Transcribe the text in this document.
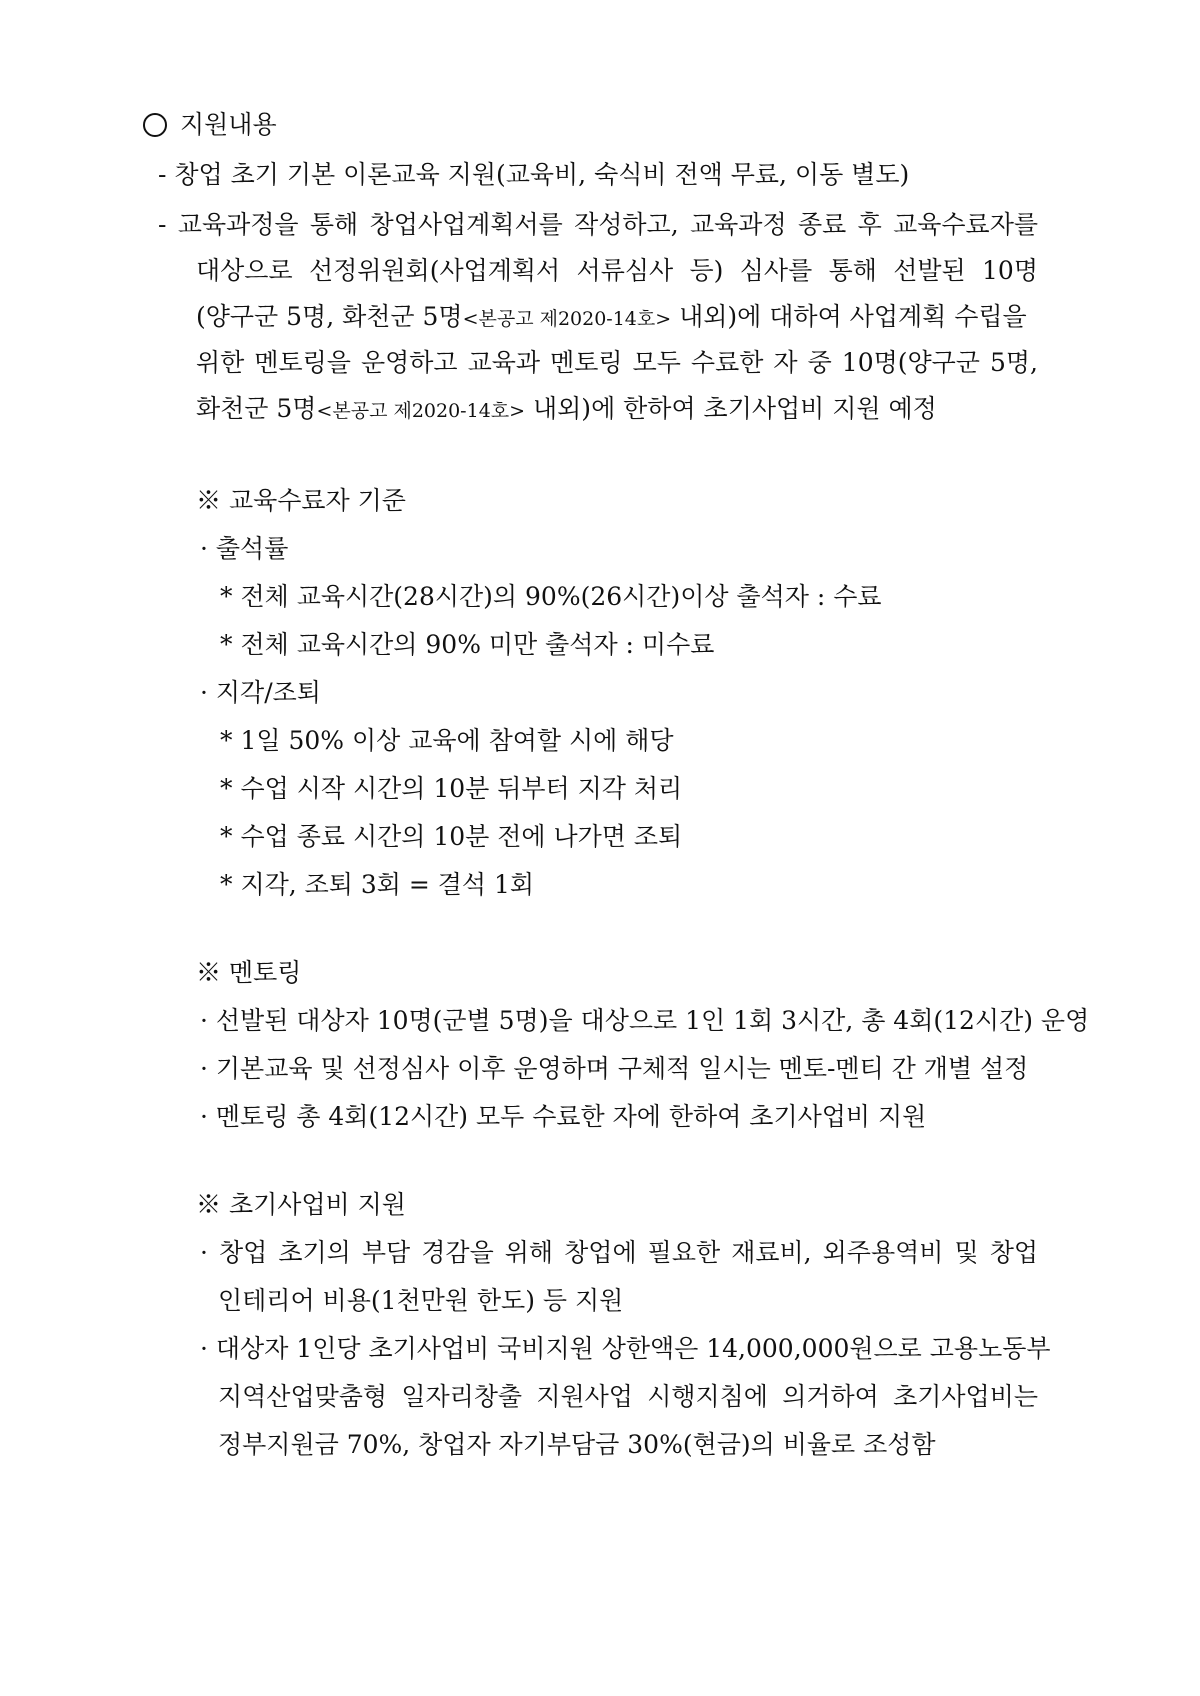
지원내용
- 창업 초기 기본 이론교육 지원(교육비, 숙식비 전액 무료, 이동 별도)
- 교육과정을 통해 창업사업계획서를 작성하고, 교육과정 종료 후 교육수료자를
대상으로 선정위원회(사업계획서 서류심사 등) 심사를 통해 선발된 10명
(양구군 5명, 화천군 5명<본공고 제2020-14호> 내외)에 대하여 사업계획 수립을
위한 멘토링을 운영하고 교육과 멘토링 모두 수료한 자 중 10명(양구군 5명,
화천군 5명<본공고 제2020-14호> 내외)에 한하여 초기사업비 지원 예정
※ 교육수료자 기준
· 출석률
* 전체 교육시간(28시간)의 90%(26시간)이상 출석자 : 수료
* 전체 교육시간의 90% 미만 출석자 : 미수료
· 지각/조퇴
* 1일 50% 이상 교육에 참여할 시에 해당
* 수업 시작 시간의 10분 뒤부터 지각 처리
* 수업 종료 시간의 10분 전에 나가면 조퇴
* 지각, 조퇴 3회 = 결석 1회
※ 멘토링
· 선발된 대상자 10명(군별 5명)을 대상으로 1인 1회 3시간, 총 4회(12시간) 운영
· 기본교육 및 선정심사 이후 운영하며 구체적 일시는 멘토-멘티 간 개별 설정
· 멘토링 총 4회(12시간) 모두 수료한 자에 한하여 초기사업비 지원
※ 초기사업비 지원
· 창업 초기의 부담 경감을 위해 창업에 필요한 재료비, 외주용역비 및 창업
인테리어 비용(1천만원 한도) 등 지원
· 대상자 1인당 초기사업비 국비지원 상한액은 14,000,000원으로 고용노동부
지역산업맞춤형 일자리창출 지원사업 시행지침에 의거하여 초기사업비는
정부지원금 70%, 창업자 자기부담금 30%(현금)의 비율로 조성함
